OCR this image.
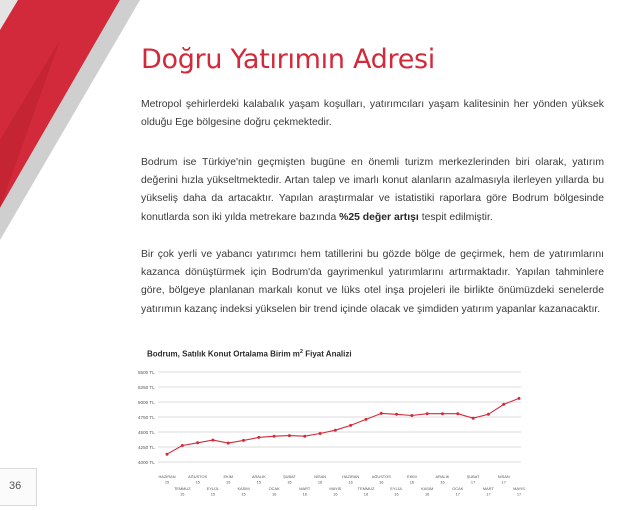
Doğru Yatırımın Adresi

Metropol şehirlerdeki kalabalık yaşam koşulları, yatırımcıları yaşam kalitesinin her yönden yüksek olduğu Ege bölgesine doğru çekmektedir.

Bodrum ise Türkiye'nin geçmişten bugüne en önemli turizm merkezlerinden biri olarak, yatırım değerini hızla yükseltmektedir. Artan talep ve imarlı konut alanların azalmasıyla ilerleyen yıllarda bu yükseliş daha da artacaktır. Yapılan araştırmalar ve istatistiki raporlara göre Bodrum bölgesinde konutlarda son iki yılda metrekare bazında %25 değer artışı tespit edilmiştir.

Bir çok yerli ve yabancı yatırımcı hem tatillerini bu gözde bölge de geçirmek, hem de yatırımlarını kazanca dönüştürmek için Bodrum'da gayrimenkul yatırımlarını artırmaktadır. Yapılan tahminlere göre, bölgeye planlanan markalı konut ve lüks otel inşa projeleri ile birlikte önümüzdeki senelerde yatırımın kazanç indeksi yükselen bir trend içinde olacak ve şimdiden yatırım yapanlar kazanacaktır.

Bodrum, Satılık Konut Ortalama Birim $m^2$ Fiyat Analizi
4000 TL
4250 TL
4500 TL
4750 TL
5000 TL
5250 TL
5500 TL
HAZİRAN
15
TEMMUZ
15
AĞUSTOS
15
EYLÜL
15
EKİM
15
KASIM
15
ARALIK
15
OCAK
16
ŞUBAT
16
MART
16
NİSAN
16
MAYIS
16
HAZİRAN
16
TEMMUZ
16
AĞUSTOS
16
EYLÜL
16
EKİM
16
KASIM
16
ARALIK
16
OCAK
17
ŞUBAT
17
MART
17
NİSAN
17
MAYIS
17
36
